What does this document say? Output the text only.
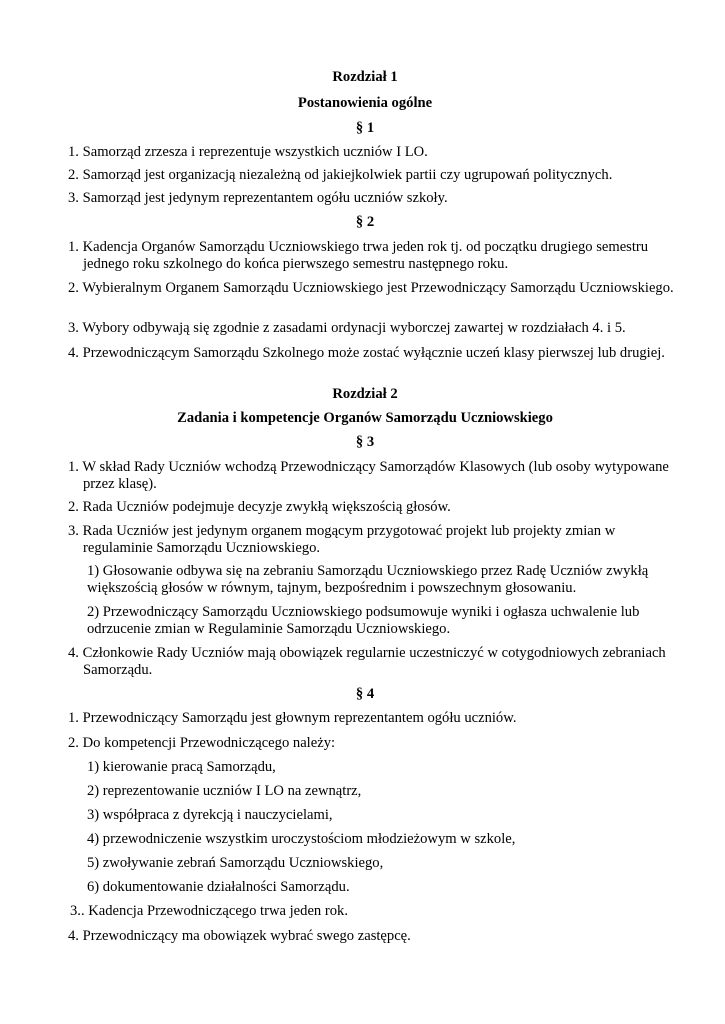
Rozdział 1
Postanowienia ogólne
§ 1
1. Samorząd zrzesza i reprezentuje wszystkich uczniów I LO.
2. Samorząd jest organizacją niezależną od jakiejkolwiek partii czy ugrupowań politycznych.
3. Samorząd jest jedynym reprezentantem ogółu uczniów szkoły.
§ 2
1. Kadencja Organów Samorządu Uczniowskiego trwa jeden rok tj. od początku drugiego semestru jednego roku szkolnego do końca pierwszego semestru następnego roku.
2. Wybieralnym Organem Samorządu Uczniowskiego jest Przewodniczący Samorządu Uczniowskiego.
3. Wybory odbywają się zgodnie z zasadami ordynacji wyborczej zawartej w rozdziałach 4. i 5.
4. Przewodniczącym Samorządu Szkolnego może zostać wyłącznie uczeń klasy pierwszej lub drugiej.
Rozdział 2
Zadania i kompetencje Organów Samorządu Uczniowskiego
§ 3
1. W skład Rady Uczniów wchodzą Przewodniczący Samorządów Klasowych (lub osoby wytypowane przez klasę).
2. Rada Uczniów podejmuje decyzje zwykłą większością głosów.
3. Rada Uczniów jest jedynym organem mogącym przygotować projekt lub projekty zmian w regulaminie Samorządu Uczniowskiego.
1) Głosowanie odbywa się na zebraniu Samorządu Uczniowskiego przez Radę Uczniów zwykłą większością głosów w równym, tajnym, bezpośrednim i powszechnym głosowaniu.
2) Przewodniczący Samorządu Uczniowskiego podsumowuje wyniki i ogłasza uchwalenie lub odrzucenie zmian w Regulaminie Samorządu Uczniowskiego.
4. Członkowie Rady Uczniów mają obowiązek regularnie uczestniczyć w cotygodniowych zebraniach Samorządu.
§ 4
1. Przewodniczący Samorządu jest głownym reprezentantem ogółu uczniów.
2. Do kompetencji Przewodniczącego należy:
1) kierowanie pracą Samorządu,
2) reprezentowanie uczniów I LO na zewnątrz,
3) współpraca z dyrekcją i nauczycielami,
4) przewodniczenie wszystkim uroczystościom młodzieżowym w szkole,
5) zwoływanie zebrań Samorządu Uczniowskiego,
6) dokumentowanie działalności Samorządu.
3.. Kadencja Przewodniczącego trwa jeden rok.
4. Przewodniczący ma obowiązek wybrać swego zastępcę.
